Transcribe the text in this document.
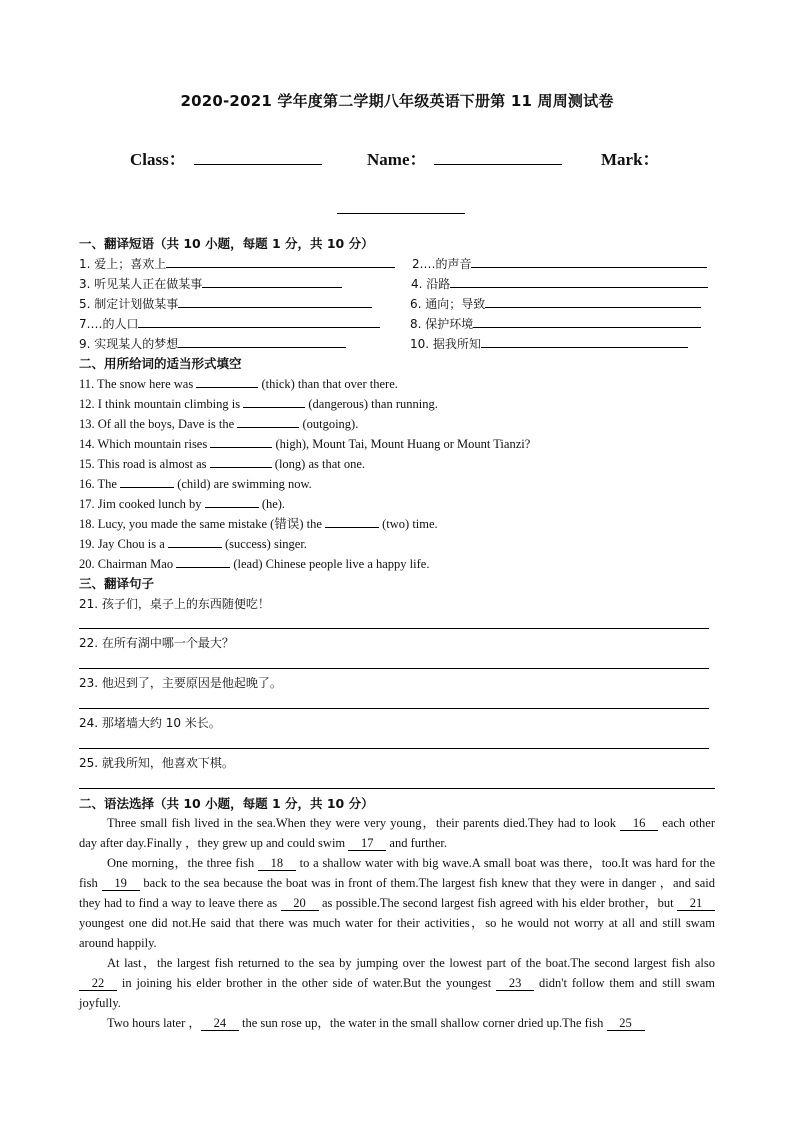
2020-2021 学年度第二学期八年级英语下册第 11 周周测试卷
Class：	Name：	Mark：
一、翻译短语（共 10 小题，每题 1 分，共 10 分）
1. 爱上；喜欢上	2.…的声音
3. 听见某人正在做某事	4. 沿路
5. 制定计划做某事	6. 通向；导致
7.…的人口	8. 保护环境
9. 实现某人的梦想	10. 据我所知
二、用所给词的适当形式填空
11. The snow here was	(thick) than that over there.
12. I think mountain climbing is	(dangerous) than running.
13. Of all the boys, Dave is the	(outgoing).
14. Which mountain rises	(high), Mount Tai, Mount Huang or Mount Tianzi?
15. This road is almost as	(long) as that one.
16. The	(child) are swimming now.
17. Jim cooked lunch by	(he).
18. Lucy, you made the same mistake (错误) the	(two) time.
19. Jay Chou is a	(success) singer.
20. Chairman Mao	(lead) Chinese people live a happy life.
三、翻译句子
21. 孩子们，桌子上的东西随便吃！
22. 在所有湖中哪一个最大？
23. 他迟到了，主要原因是他起晚了。
24. 那堵墙大约 10 米长。
25. 就我所知，他喜欢下棋。
二、语法选择（共 10 小题，每题 1 分，共 10 分）

Three small fish lived in the sea.When they were very young，their parents died.They had to look 16 each other day after day.Finally ，they grew up and could swim 17 and further.

One morning，the three fish 18 to a shallow water with big wave.A small boat was there，too.It was hard for the fish 19 back to the sea because the boat was in front of them.The largest fish knew that they were in danger ，and said they had to find a way to leave there as 20 as possible.The second largest fish agreed with his elder brother，but 21 youngest one did not.He said that there was much water for their activities，so he would not worry at all and still swam around happily.

At last，the largest fish returned to the sea by jumping over the lowest part of the boat.The second largest fish also 22 in joining his elder brother in the other side of water.But the youngest 23 didn't follow them and still swam joyfully.

Two hours later ， 24 the sun rose up，the water in the small shallow corner dried up.The fish 25
